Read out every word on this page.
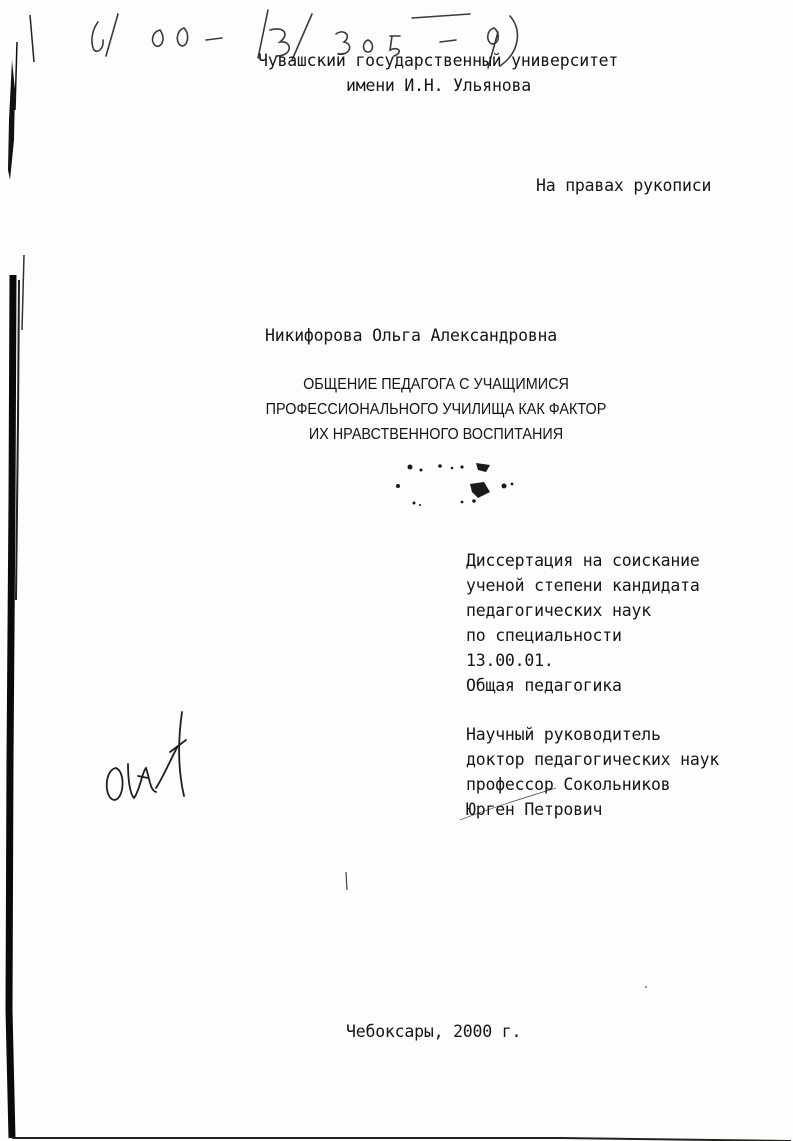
Чувашский государственный университет

имени И.Н. Ульянова

На правах рукописи

Никифорова Ольга Александровна

ОБЩЕНИЕ ПЕДАГОГА С УЧАЩИМИСЯ

ПРОФЕССИОНАЛЬНОГО УЧИЛИЩА КАК ФАКТОР

ИХ НРАВСТВЕННОГО ВОСПИТАНИЯ

Диссертация на соискание
ученой степени кандидата
педагогических наук
по специальности
13.00.01.
Общая педагогика
Научный руководитель
доктор педагогических наук
профессор Сокольников
Юрген Петрович

Чебоксары, 2000 г.
